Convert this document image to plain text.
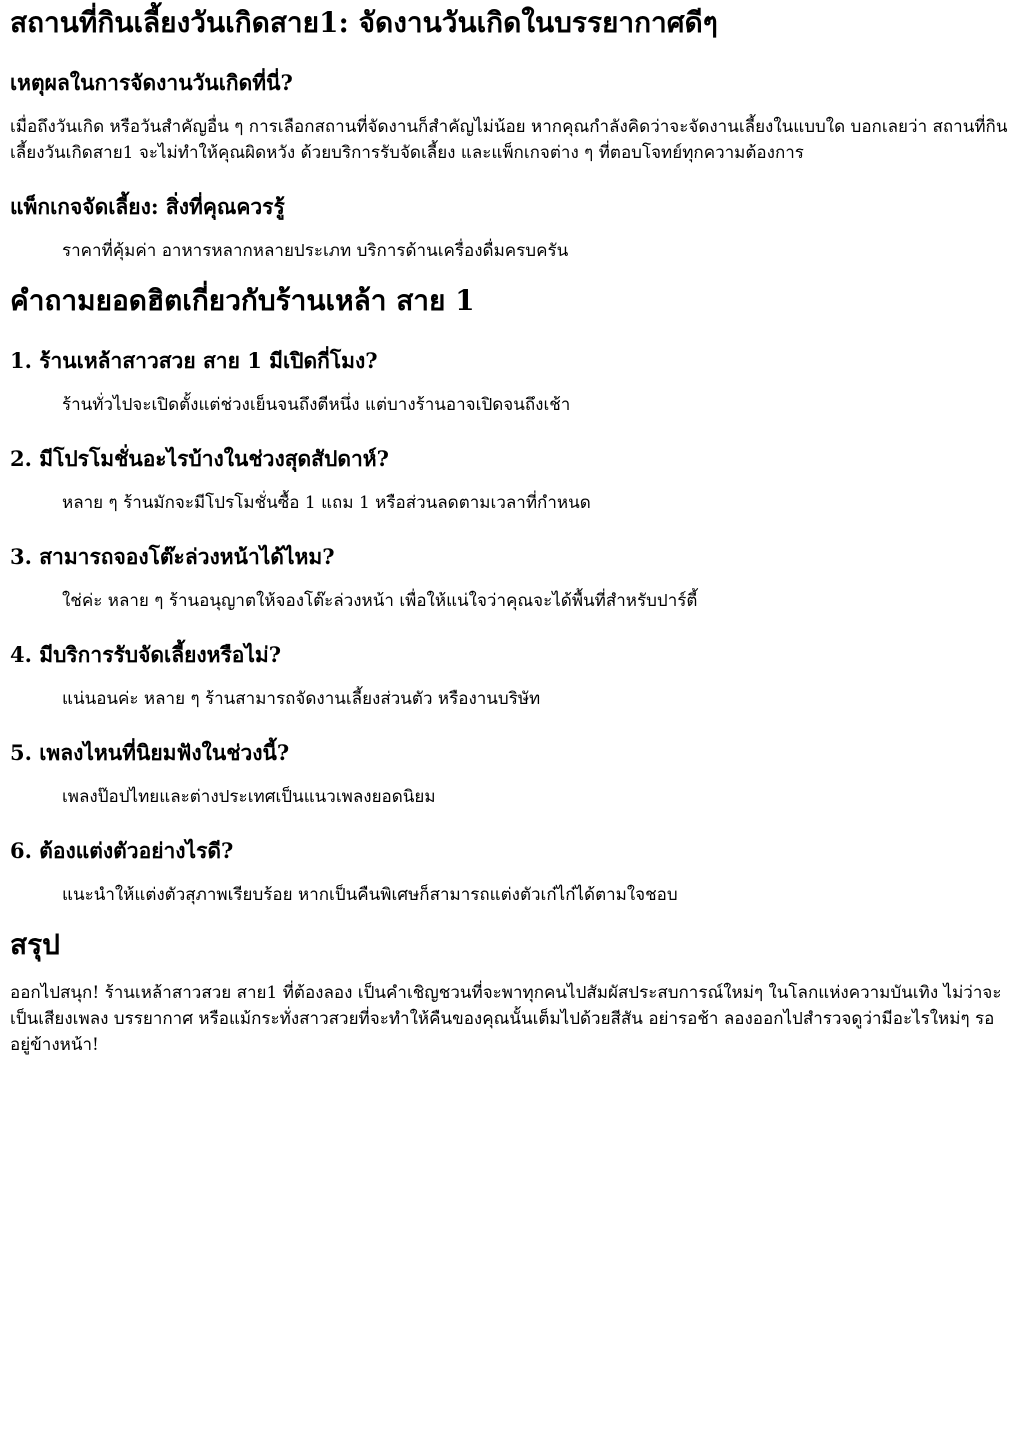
สถานที่กินเลี้ยงวันเกิดสาย1: จัดงานวันเกิดในบรรยากาศดีๆ
เหตุผลในการจัดงานวันเกิดที่นี่?

เมื่อถึงวันเกิด หรือวันสำคัญอื่น ๆ การเลือกสถานที่จัดงานก็สำคัญไม่น้อย หากคุณกำลังคิดว่าจะจัดงานเลี้ยงในแบบใด บอกเลยว่า สถานที่กินเลี้ยงวันเกิดสาย1 จะไม่ทำให้คุณผิดหวัง ด้วยบริการรับจัดเลี้ยง และแพ็กเกจต่าง ๆ ที่ตอบโจทย์ทุกความต้องการ

แพ็กเกจจัดเลี้ยง: สิ่งที่คุณควรรู้
ราคาที่คุ้มค่า อาหารหลากหลายประเภท บริการด้านเครื่องดื่มครบครัน
คำถามยอดฮิตเกี่ยวกับร้านเหล้า สาย 1
1. ร้านเหล้าสาวสวย สาย 1 มีเปิดกี่โมง?
ร้านทั่วไปจะเปิดตั้งแต่ช่วงเย็นจนถึงตีหนึ่ง แต่บางร้านอาจเปิดจนถึงเช้า
2. มีโปรโมชั่นอะไรบ้างในช่วงสุดสัปดาห์?
หลาย ๆ ร้านมักจะมีโปรโมชั่นซื้อ 1 แถม 1 หรือส่วนลดตามเวลาที่กำหนด
3. สามารถจองโต๊ะล่วงหน้าได้ไหม?
ใช่ค่ะ หลาย ๆ ร้านอนุญาตให้จองโต๊ะล่วงหน้า เพื่อให้แน่ใจว่าคุณจะได้พื้นที่สำหรับปาร์ตี้
4. มีบริการรับจัดเลี้ยงหรือไม่?
แน่นอนค่ะ หลาย ๆ ร้านสามารถจัดงานเลี้ยงส่วนตัว หรืองานบริษัท
5. เพลงไหนที่นิยมฟังในช่วงนี้?
เพลงป๊อปไทยและต่างประเทศเป็นแนวเพลงยอดนิยม
6. ต้องแต่งตัวอย่างไรดี?
แนะนำให้แต่งตัวสุภาพเรียบร้อย หากเป็นคืนพิเศษก็สามารถแต่งตัวเก๋ไก๋ได้ตามใจชอบ
สรุป

ออกไปสนุก! ร้านเหล้าสาวสวย สาย1 ที่ต้องลอง เป็นคำเชิญชวนที่จะพาทุกคนไปสัมผัสประสบการณ์ใหม่ๆ ในโลกแห่งความบันเทิง ไม่ว่าจะเป็นเสียงเพลง บรรยากาศ หรือแม้กระทั่งสาวสวยที่จะทำให้คืนของคุณนั้นเต็มไปด้วยสีสัน อย่ารอช้า ลองออกไปสำรวจดูว่ามีอะไรใหม่ๆ รออยู่ข้างหน้า!
